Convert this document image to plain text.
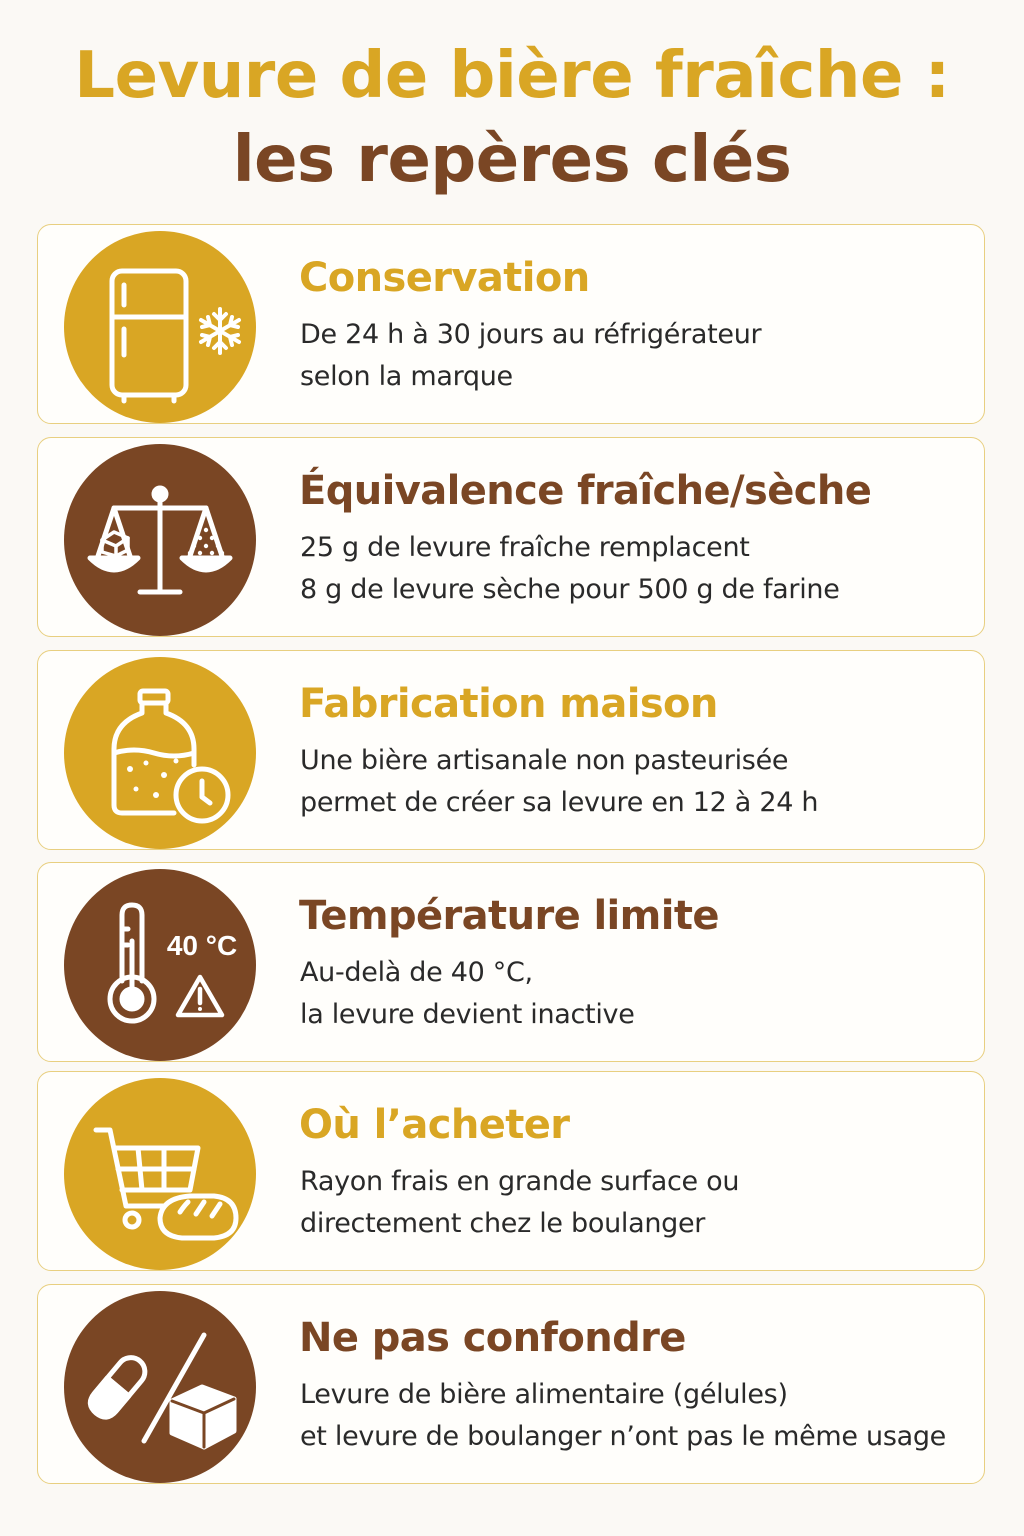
Levure de bière fraîche :
les repères clés
Conservation
De 24 h à 30 jours au réfrigérateur
selon la marque
Équivalence fraîche/sèche
25 g de levure fraîche remplacent
8 g de levure sèche pour 500 g de farine
Fabrication maison
Une bière artisanale non pasteurisée
permet de créer sa levure en 12 à 24 h
40 °C
Température limite
Au-delà de 40 °C,
la levure devient inactive
Où l’acheter
Rayon frais en grande surface ou
directement chez le boulanger
Ne pas confondre
Levure de bière alimentaire (gélules)
et levure de boulanger n’ont pas le même usage
